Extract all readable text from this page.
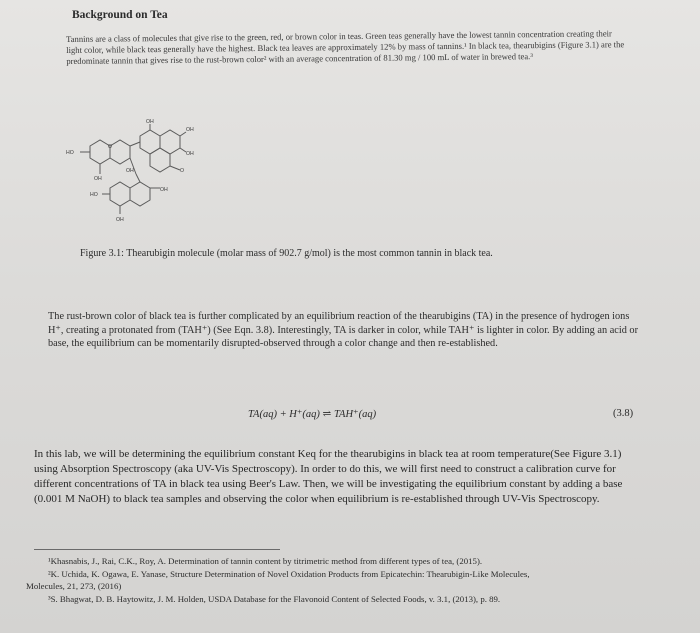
Background on Tea
Tannins are a class of molecules that give rise to the green, red, or brown color in teas. Green teas generally have the lowest tannin concentration creating their light color, while black teas generally have the highest. Black tea leaves are approximately 12% by mass of tannins.¹ In black tea, thearubigins (Figure 3.1) are the predominate tannin that gives rise to the rust-brown color² with an average concentration of 81.30 mg / 100 mL of water in brewed tea.³
OH
OH
OH
HO
OH
OH
O
O
OH
HO
OH
Figure 3.1: Thearubigin molecule (molar mass of 902.7 g/mol) is the most common tannin in black tea.
The rust-brown color of black tea is further complicated by an equilibrium reaction of the thearubigins (TA) in the presence of hydrogen ions H⁺, creating a protonated from (TAH⁺) (See Eqn. 3.8). Interestingly, TA is darker in color, while TAH⁺ is lighter in color. By adding an acid or base, the equilibrium can be momentarily disrupted-observed through a color change and then re-established.
TA(aq) + H⁺(aq) ⇌ TAH⁺(aq)	(3.8)
In this lab, we will be determining the equilibrium constant Keq for the thearubigins in black tea at room temperature(See Figure 3.1) using Absorption Spectroscopy (aka UV-Vis Spectroscopy). In order to do this, we will first need to construct a calibration curve for different concentrations of TA in black tea using Beer's Law. Then, we will be investigating the equilibrium constant by adding a base (0.001 M NaOH) to black tea samples and observing the color when equilibrium is re-established through UV-Vis Spectroscopy.
¹Khasnabis, J., Rai, C.K., Roy, A. Determination of tannin content by titrimetric method from different types of tea, (2015).
²K. Uchida, K. Ogawa, E. Yanase, Structure Determination of Novel Oxidation Products from Epicatechin: Thearubigin-Like Molecules,
Molecules, 21, 273, (2016)
³S. Bhagwat, D. B. Haytowitz, J. M. Holden, USDA Database for the Flavonoid Content of Selected Foods, v. 3.1, (2013), p. 89.
